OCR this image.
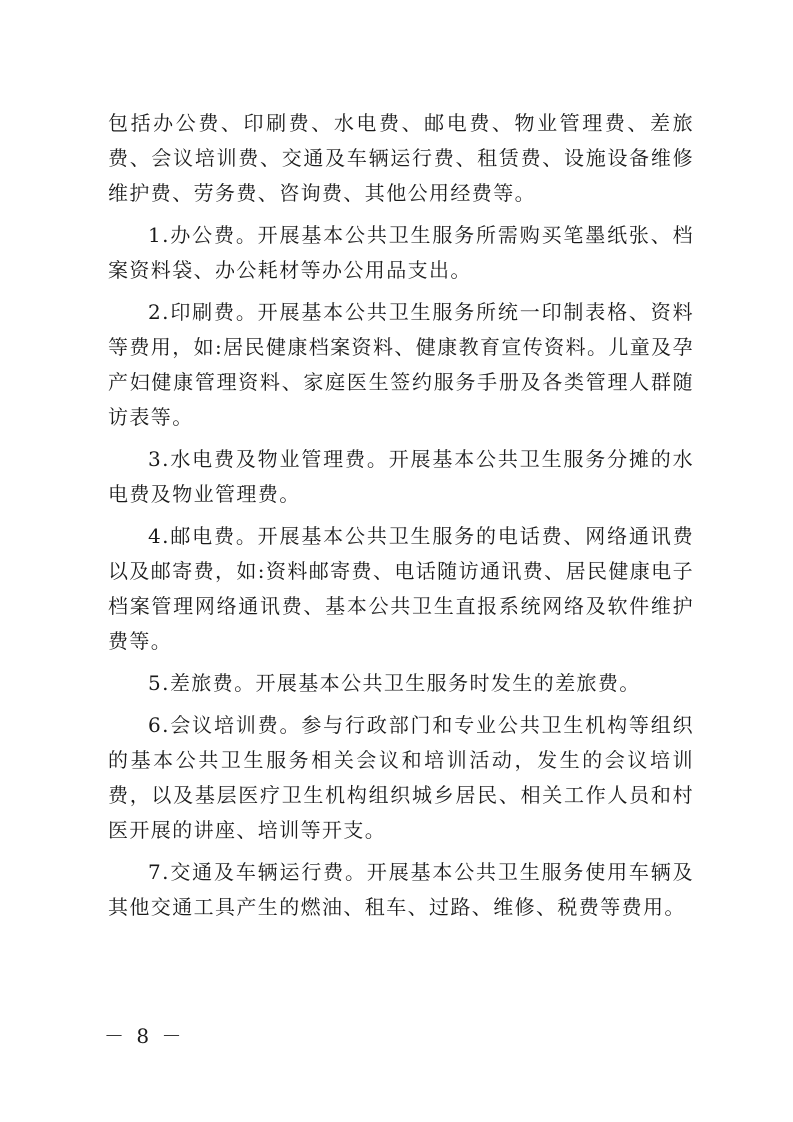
包括办公费、印刷费、水电费、邮电费、物业管理费、差旅费、会议培训费、交通及车辆运行费、租赁费、设施设备维修维护费、劳务费、咨询费、其他公用经费等。

1.办公费。开展基本公共卫生服务所需购买笔墨纸张、档案资料袋、办公耗材等办公用品支出。

2.印刷费。开展基本公共卫生服务所统一印制表格、资料等费用，如:居民健康档案资料、健康教育宣传资料。儿童及孕产妇健康管理资料、家庭医生签约服务手册及各类管理人群随访表等。

3.水电费及物业管理费。开展基本公共卫生服务分摊的水电费及物业管理费。

4.邮电费。开展基本公共卫生服务的电话费、网络通讯费以及邮寄费，如:资料邮寄费、电话随访通讯费、居民健康电子档案管理网络通讯费、基本公共卫生直报系统网络及软件维护费等。

5.差旅费。开展基本公共卫生服务时发生的差旅费。

6.会议培训费。参与行政部门和专业公共卫生机构等组织的基本公共卫生服务相关会议和培训活动，发生的会议培训费，以及基层医疗卫生机构组织城乡居民、相关工作人员和村医开展的讲座、培训等开支。

7.交通及车辆运行费。开展基本公共卫生服务使用车辆及其他交通工具产生的燃油、租车、过路、维修、税费等费用。

－ 8 －
